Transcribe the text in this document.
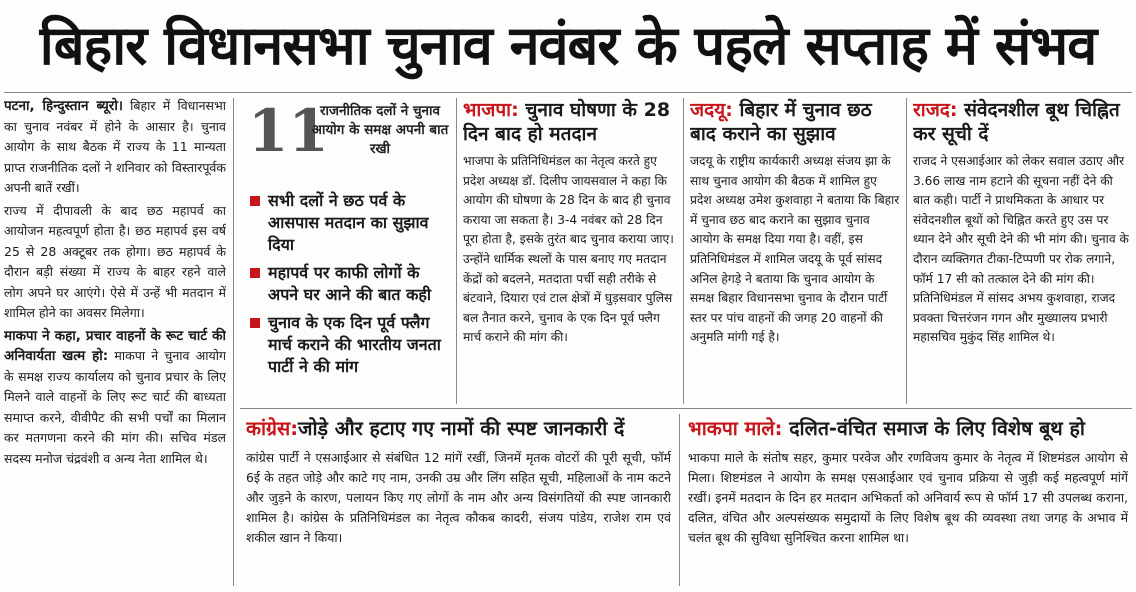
बिहार विधानसभा चुनाव नवंबर के पहले सप्ताह में संभव

पटना, हिन्दुस्तान ब्यूरो। बिहार में विधानसभा का चुनाव नवंबर में होने के आसार है। चुनाव आयोग के साथ बैठक में राज्य के 11 मान्यता प्राप्त राजनीतिक दलों ने शनिवार को विस्तारपूर्वक अपनी बातें रखीं।

राज्य में दीपावली के बाद छठ महापर्व का आयोजन महत्वपूर्ण होता है। छठ महापर्व इस वर्ष 25 से 28 अक्टूबर तक होगा। छठ महापर्व के दौरान बड़ी संख्या में राज्य के बाहर रहने वाले लोग अपने घर आएंगे। ऐसे में उन्हें भी मतदान में शामिल होने का अवसर मिलेगा।

माकपा ने कहा, प्रचार वाहनों के रूट चार्ट की अनिवार्यता खत्म हो: माकपा ने चुनाव आयोग के समक्ष राज्य कार्यालय को चुनाव प्रचार के लिए मिलने वाले वाहनों के लिए रूट चार्ट की बाध्यता समाप्त करने, वीवीपैट की सभी पर्चों का मिलान कर मतगणना करने की मांग की। सचिव मंडल सदस्य मनोज चंद्रवंशी व अन्य नेता शामिल थे।

11
राजनीतिक दलों ने चुनाव आयोग के समक्ष अपनी बात रखी
सभी दलों ने छठ पर्व के आसपास मतदान का सुझाव दिया
महापर्व पर काफी लोगों के अपने घर आने की बात कही
चुनाव के एक दिन पूर्व फ्लैग मार्च कराने की भारतीय जनता पार्टी ने की मांग
भाजपा: चुनाव घोषणा के 28 दिन बाद हो मतदान
भाजपा के प्रतिनिधिमंडल का नेतृत्व करते हुए प्रदेश अध्यक्ष डॉ. दिलीप जायसवाल ने कहा कि आयोग की घोषणा के 28 दिन के बाद ही चुनाव कराया जा सकता है। 3-4 नवंबर को 28 दिन पूरा होता है, इसके तुरंत बाद चुनाव कराया जाए। उन्होंने धार्मिक स्थलों के पास बनाए गए मतदान केंद्रों को बदलने, मतदाता पर्ची सही तरीके से बंटवाने, दियारा एवं टाल क्षेत्रों में घुड़सवार पुलिस बल तैनात करने, चुनाव के एक दिन पूर्व फ्लैग मार्च कराने की मांग की।
जदयू: बिहार में चुनाव छठ बाद कराने का सुझाव
जदयू के राष्ट्रीय कार्यकारी अध्यक्ष संजय झा के साथ चुनाव आयोग की बैठक में शामिल हुए प्रदेश अध्यक्ष उमेश कुशवाहा ने बताया कि बिहार में चुनाव छठ बाद कराने का सुझाव चुनाव आयोग के समक्ष दिया गया है। वहीं, इस प्रतिनिधिमंडल में शामिल जदयू के पूर्व सांसद अनिल हेगड़े ने बताया कि चुनाव आयोग के समक्ष बिहार विधानसभा चुनाव के दौरान पार्टी स्तर पर पांच वाहनों की जगह 20 वाहनों की अनुमति मांगी गई है।
राजद: संवेदनशील बूथ चिह्नित कर सूची दें
राजद ने एसआईआर को लेकर सवाल उठाए और 3.66 लाख नाम हटाने की सूचना नहीं देने की बात कही। पार्टी ने प्राथमिकता के आधार पर संवेदनशील बूथों को चिह्नित करते हुए उस पर ध्यान देने और सूची देने की भी मांग की। चुनाव के दौरान व्यक्तिगत टीका-टिप्पणी पर रोक लगाने, फॉर्म 17 सी को तत्काल देने की मांग की। प्रतिनिधिमंडल में सांसद अभय कुशवाहा, राजद प्रवक्ता चित्तरंजन गगन और मुख्यालय प्रभारी महासचिव मुकुंद सिंह शामिल थे।
कांग्रेस:जोड़े और हटाए गए नामों की स्पष्ट जानकारी दें
कांग्रेस पार्टी ने एसआईआर से संबंधित 12 मांगें रखीं, जिनमें मृतक वोटरों की पूरी सूची, फॉर्म 6ई के तहत जोड़े और काटे गए नाम, उनकी उम्र और लिंग सहित सूची, महिलाओं के नाम कटने और जुड़ने के कारण, पलायन किए गए लोगों के नाम और अन्य विसंगतियों की स्पष्ट जानकारी शामिल है। कांग्रेस के प्रतिनिधिमंडल का नेतृत्व कौकब कादरी, संजय पांडेय, राजेश राम एवं शकील खान ने किया।
भाकपा माले: दलित-वंचित समाज के लिए विशेष बूथ हो
भाकपा माले के संतोष सहर, कुमार परवेज और रणविजय कुमार के नेतृत्व में शिष्टमंडल आयोग से मिला। शिष्टमंडल ने आयोग के समक्ष एसआईआर एवं चुनाव प्रक्रिया से जुड़ी कई महत्वपूर्ण मांगें रखीं। इनमें मतदान के दिन हर मतदान अभिकर्ता को अनिवार्य रूप से फॉर्म 17 सी उपलब्ध कराना, दलित, वंचित और अल्पसंख्यक समुदायों के लिए विशेष बूथ की व्यवस्था तथा जगह के अभाव में चलंत बूथ की सुविधा सुनिश्चित करना शामिल था।
